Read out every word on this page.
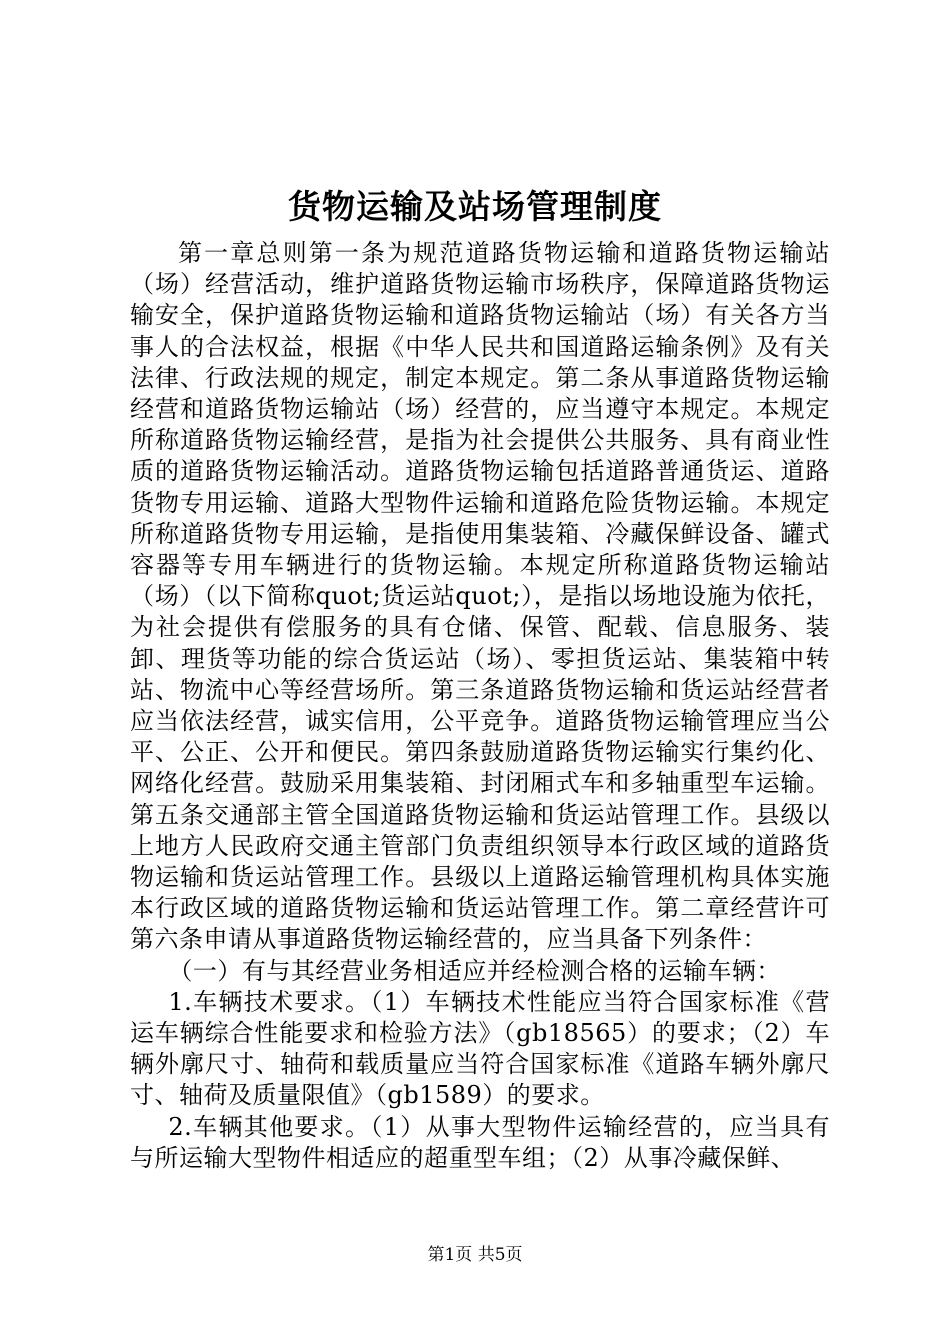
货物运输及站场管理制度

第一章总则第一条为规范道路货物运输和道路货物运输站（场）经营活动，维护道路货物运输市场秩序，保障道路货物运输安全，保护道路货物运输和道路货物运输站（场）有关各方当事人的合法权益，根据《中华人民共和国道路运输条例》及有关法律、行政法规的规定，制定本规定。第二条从事道路货物运输经营和道路货物运输站（场）经营的，应当遵守本规定。本规定所称道路货物运输经营，是指为社会提供公共服务、具有商业性质的道路货物运输活动。道路货物运输包括道路普通货运、道路货物专用运输、道路大型物件运输和道路危险货物运输。本规定所称道路货物专用运输，是指使用集装箱、冷藏保鲜设备、罐式容器等专用车辆进行的货物运输。本规定所称道路货物运输站（场）（以下简称quot;货运站quot;），是指以场地设施为依托，为社会提供有偿服务的具有仓储、保管、配载、信息服务、装卸、理货等功能的综合货运站（场）、零担货运站、集装箱中转站、物流中心等经营场所。第三条道路货物运输和货运站经营者应当依法经营，诚实信用，公平竞争。道路货物运输管理应当公平、公正、公开和便民。第四条鼓励道路货物运输实行集约化、网络化经营。鼓励采用集装箱、封闭厢式车和多轴重型车运输。第五条交通部主管全国道路货物运输和货运站管理工作。县级以上地方人民政府交通主管部门负责组织领导本行政区域的道路货物运输和货运站管理工作。县级以上道路运输管理机构具体实施本行政区域的道路货物运输和货运站管理工作。第二章经营许可第六条申请从事道路货物运输经营的，应当具备下列条件：

（一）有与其经营业务相适应并经检测合格的运输车辆：

1.车辆技术要求。（1）车辆技术性能应当符合国家标准《营运车辆综合性能要求和检验方法》（gb18565）的要求；（2）车辆外廓尺寸、轴荷和载质量应当符合国家标准《道路车辆外廓尺寸、轴荷及质量限值》（gb1589）的要求。

2.车辆其他要求。（1）从事大型物件运输经营的，应当具有与所运输大型物件相适应的超重型车组；（2）从事冷藏保鲜、

第1页 共5页
